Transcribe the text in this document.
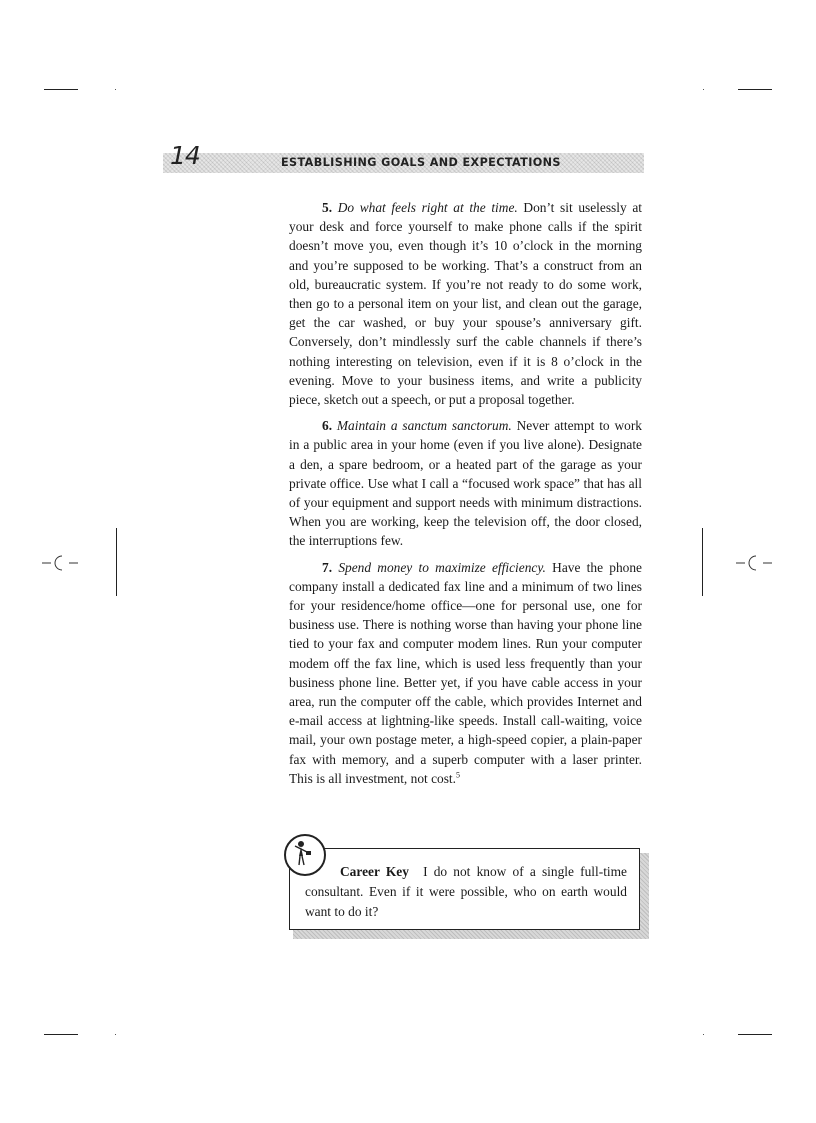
14	ESTABLISHING GOALS AND EXPECTATIONS

5. Do what feels right at the time. Don’t sit uselessly at your desk and force yourself to make phone calls if the spirit doesn’t move you, even though it’s 10 o’clock in the morning and you’re supposed to be working. That’s a construct from an old, bureaucratic system. If you’re not ready to do some work, then go to a personal item on your list, and clean out the garage, get the car washed, or buy your spouse’s anniversary gift. Conversely, don’t mindlessly surf the cable channels if there’s nothing interesting on television, even if it is 8 o’clock in the evening. Move to your business items, and write a publicity piece, sketch out a speech, or put a proposal together.

6. Maintain a sanctum sanctorum. Never attempt to work in a public area in your home (even if you live alone). Designate a den, a spare bedroom, or a heated part of the garage as your private office. Use what I call a “focused work space” that has all of your equipment and support needs with minimum distractions. When you are working, keep the television off, the door closed, the interruptions few.

7. Spend money to maximize efficiency. Have the phone company install a dedicated fax line and a minimum of two lines for your residence/home office—one for personal use, one for business use. There is nothing worse than having your phone line tied to your fax and computer modem lines. Run your computer modem off the fax line, which is used less frequently than your business phone line. Better yet, if you have cable access in your area, run the computer off the cable, which provides Internet and e-mail access at lightning-like speeds. Install call-waiting, voice mail, your own postage meter, a high-speed copier, a plain-paper fax with memory, and a superb computer with a laser printer. This is all investment, not cost.$^5$

Career Key I do not know of a single full-time consultant. Even if it were possible, who on earth would want to do it?
